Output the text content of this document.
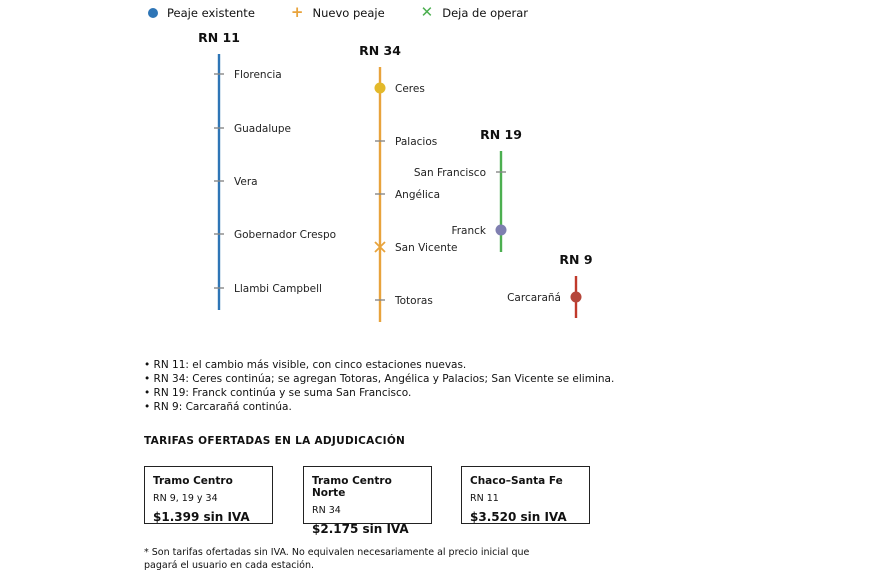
Peaje existente + Nuevo peaje ✕ Deja de operar
RN 11
Florencia
Guadalupe
Vera
Gobernador Crespo
Llambi Campbell
RN 34
Ceres
Palacios
Angélica
San Vicente
Totoras
RN 19
San Francisco
Franck
RN 9
Carcarañá
• RN 11: el cambio más visible, con cinco estaciones nuevas.
• RN 34: Ceres continúa; se agregan Totoras, Angélica y Palacios; San Vicente se elimina.
• RN 19: Franck continúa y se suma San Francisco.
• RN 9: Carcarañá continúa.
TARIFAS OFERTADAS EN LA ADJUDICACIÓN
Tramo Centro
RN 9, 19 y 34
$1.399 sin IVA
Tramo Centro Norte
RN 34
$2.175 sin IVA
Chaco–Santa Fe
RN 11
$3.520 sin IVA
* Son tarifas ofertadas sin IVA. No equivalen necesariamente al precio inicial que pagará el usuario en cada estación.
